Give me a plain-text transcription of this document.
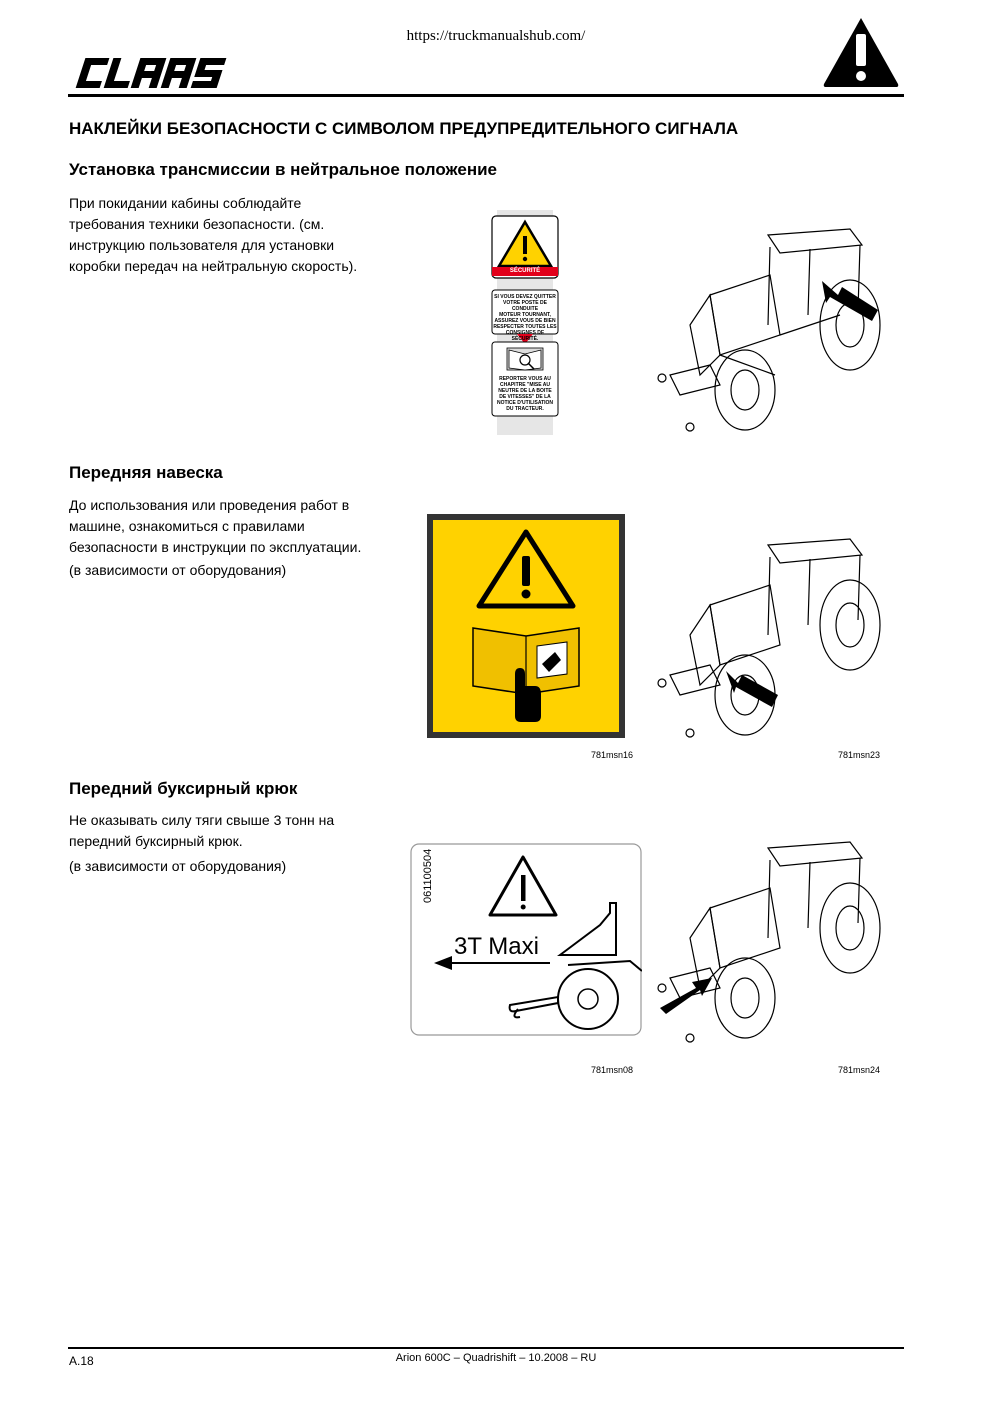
https://truckmanualshub.com/
НАКЛЕЙКИ БЕЗОПАСНОСТИ С СИМВОЛОМ ПРЕДУПРЕДИТЕЛЬНОГО СИГНАЛА
Установка трансмиссии в нейтральное положение
При покидании кабины соблюдайте
требования техники безопасности. (см.
инструкцию пользователя для установки
коробки передач на нейтральную скорость).	SÉCURITÉ
SI VOUS DEVEZ QUITTER
VOTRE POSTE DE CONDUITE
MOTEUR TOURNANT,
ASSUREZ VOUS DE BIEN
RESPECTER TOUTES LES
CONSIGNES DE SÉCURITÉ.
REPORTER VOUS AU
CHAPITRE "MISE AU
NEUTRE DE LA BOITE
DE VITESSES" DE LA
NOTICE D'UTILISATION
DU TRACTEUR.
Передняя навеска
До использования или проведения работ в
машине, ознакомиться с правилами
безопасности в инструкции по эксплуатации.
(в зависимости от оборудования)
781msn16	781msn23
Передний буксирный крюк
Не оказывать силу тяги свыше 3 тонн на
передний буксирный крюк.
(в зависимости от оборудования)	061100504
3T Maxi
781msn08	781msn24
A.18	Arion 600C – Quadrishift – 10.2008 – RU
